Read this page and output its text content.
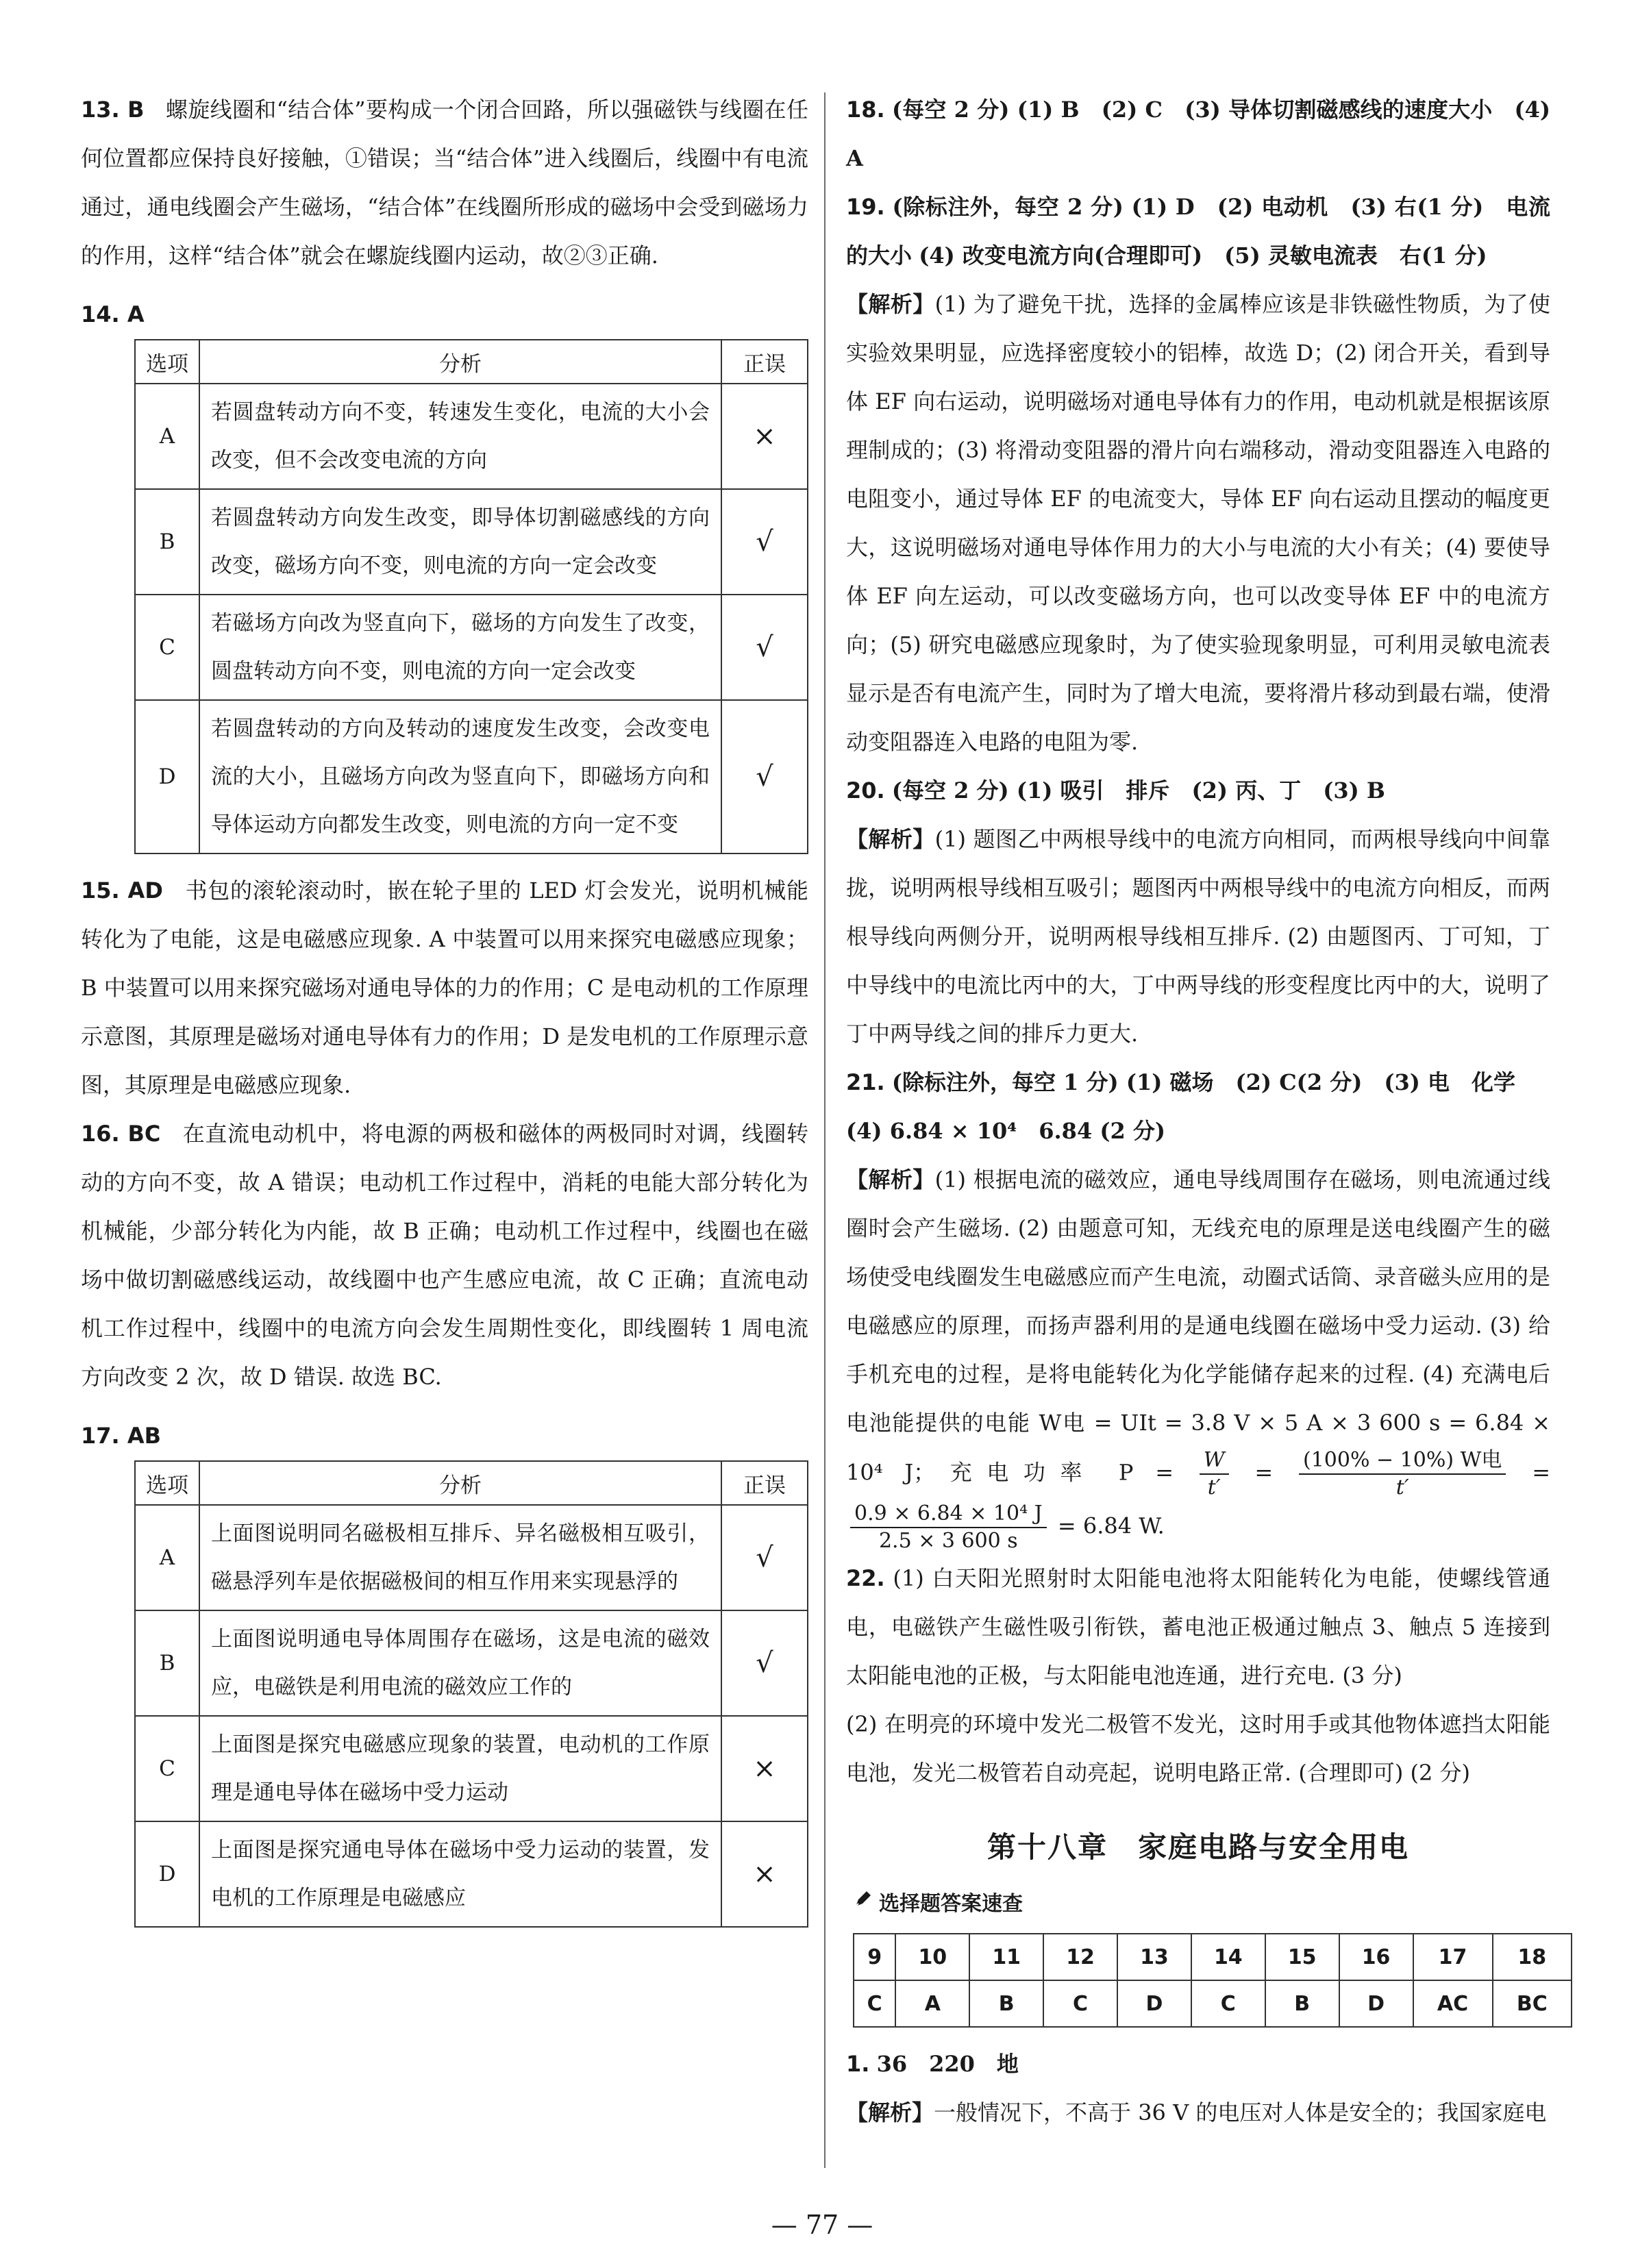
13. B 螺旋线圈和“结合体”要构成一个闭合回路，所以强磁铁与线圈在任何位置都应保持良好接触，①错误；当“结合体”进入线圈后，线圈中有电流通过，通电线圈会产生磁场，“结合体”在线圈所形成的磁场中会受到磁场力的作用，这样“结合体”就会在螺旋线圈内运动，故②③正确.

14. A
选项	分析	正误
A	若圆盘转动方向不变，转速发生变化，电流的大小会改变，但不会改变电流的方向	×
B	若圆盘转动方向发生改变，即导体切割磁感线的方向改变，磁场方向不变，则电流的方向一定会改变	√
C	若磁场方向改为竖直向下，磁场的方向发生了改变，圆盘转动方向不变，则电流的方向一定会改变	√
D	若圆盘转动的方向及转动的速度发生改变，会改变电流的大小，且磁场方向改为竖直向下，即磁场方向和导体运动方向都发生改变，则电流的方向一定不变	√

15. AD 书包的滚轮滚动时，嵌在轮子里的 LED 灯会发光，说明机械能转化为了电能，这是电磁感应现象. A 中装置可以用来探究电磁感应现象；B 中装置可以用来探究磁场对通电导体的力的作用；C 是电动机的工作原理示意图，其原理是磁场对通电导体有力的作用；D 是发电机的工作原理示意图，其原理是电磁感应现象.

16. BC 在直流电动机中，将电源的两极和磁体的两极同时对调，线圈转动的方向不变，故 A 错误；电动机工作过程中，消耗的电能大部分转化为机械能，少部分转化为内能，故 B 正确；电动机工作过程中，线圈也在磁场中做切割磁感线运动，故线圈中也产生感应电流，故 C 正确；直流电动机工作过程中，线圈中的电流方向会发生周期性变化，即线圈转 1 周电流方向改变 2 次，故 D 错误. 故选 BC.

17. AB
选项	分析	正误
A	上面图说明同名磁极相互排斥、异名磁极相互吸引，磁悬浮列车是依据磁极间的相互作用来实现悬浮的	√
B	上面图说明通电导体周围存在磁场，这是电流的磁效应，电磁铁是利用电流的磁效应工作的	√
C	上面图是探究电磁感应现象的装置，电动机的工作原理是通电导体在磁场中受力运动	×
D	上面图是探究通电导体在磁场中受力运动的装置，发电机的工作原理是电磁感应	×

18. (每空 2 分) (1) B　(2) C　(3) 导体切割磁感线的速度大小　(4) A

19. (除标注外，每空 2 分) (1) D　(2) 电动机　(3) 右(1 分)　电流的大小 (4) 改变电流方向(合理即可)　(5) 灵敏电流表　右(1 分)

【解析】(1) 为了避免干扰，选择的金属棒应该是非铁磁性物质，为了使实验效果明显，应选择密度较小的铝棒，故选 D；(2) 闭合开关，看到导体 EF 向右运动，说明磁场对通电导体有力的作用，电动机就是根据该原理制成的；(3) 将滑动变阻器的滑片向右端移动，滑动变阻器连入电路的电阻变小，通过导体 EF 的电流变大，导体 EF 向右运动且摆动的幅度更大，这说明磁场对通电导体作用力的大小与电流的大小有关；(4) 要使导体 EF 向左运动，可以改变磁场方向，也可以改变导体 EF 中的电流方向；(5) 研究电磁感应现象时，为了使实验现象明显，可利用灵敏电流表显示是否有电流产生，同时为了增大电流，要将滑片移动到最右端，使滑动变阻器连入电路的电阻为零.

20. (每空 2 分) (1) 吸引　排斥　(2) 丙、丁　(3) B

【解析】(1) 题图乙中两根导线中的电流方向相同，而两根导线向中间靠拢，说明两根导线相互吸引；题图丙中两根导线中的电流方向相反，而两根导线向两侧分开，说明两根导线相互排斥. (2) 由题图丙、丁可知，丁中导线中的电流比丙中的大，丁中两导线的形变程度比丙中的大，说明了丁中两导线之间的排斥力更大.

21. (除标注外，每空 1 分) (1) 磁场　(2) C(2 分)　(3) 电　化学

(4) 6.84 × 10⁴　6.84 (2 分)

【解析】(1) 根据电流的磁效应，通电导线周围存在磁场，则电流通过线圈时会产生磁场. (2) 由题意可知，无线充电的原理是送电线圈产生的磁场使受电线圈发生电磁感应而产生电流，动圈式话筒、录音磁头应用的是电磁感应的原理，而扬声器利用的是通电线圈在磁场中受力运动. (3) 给手机充电的过程，是将电能转化为化学能储存起来的过程. (4) 充满电后电池能提供的电能 W电 = UIt = 3.8 V × 5 A × 3 600 s = 6.84 × 10⁴ J；充电功率 $P = \frac{W}{t'} = \frac{\text{(100\% − 10\%) W电}}{t'}$ =
$\frac{\text{0.9 × 6.84 × 10⁴ J}}{2.5 \times 3 600 s} = 6.84$ W.

22. (1) 白天阳光照射时太阳能电池将太阳能转化为电能，使螺线管通电，电磁铁产生磁性吸引衔铁，蓄电池正极通过触点 3、触点 5 连接到太阳能电池的正极，与太阳能电池连通，进行充电. (3 分)

(2) 在明亮的环境中发光二极管不发光，这时用手或其他物体遮挡太阳能电池，发光二极管若自动亮起，说明电路正常. (合理即可) (2 分)

第十八章　家庭电路与安全用电
选择题答案速查
9	10	11	12	13	14	15	16	17	18
C	A	B	C	D	C	B	D	AC	BC

1. 36　220　地

【解析】一般情况下，不高于 36 V 的电压对人体是安全的；我国家庭电

— 77 —
